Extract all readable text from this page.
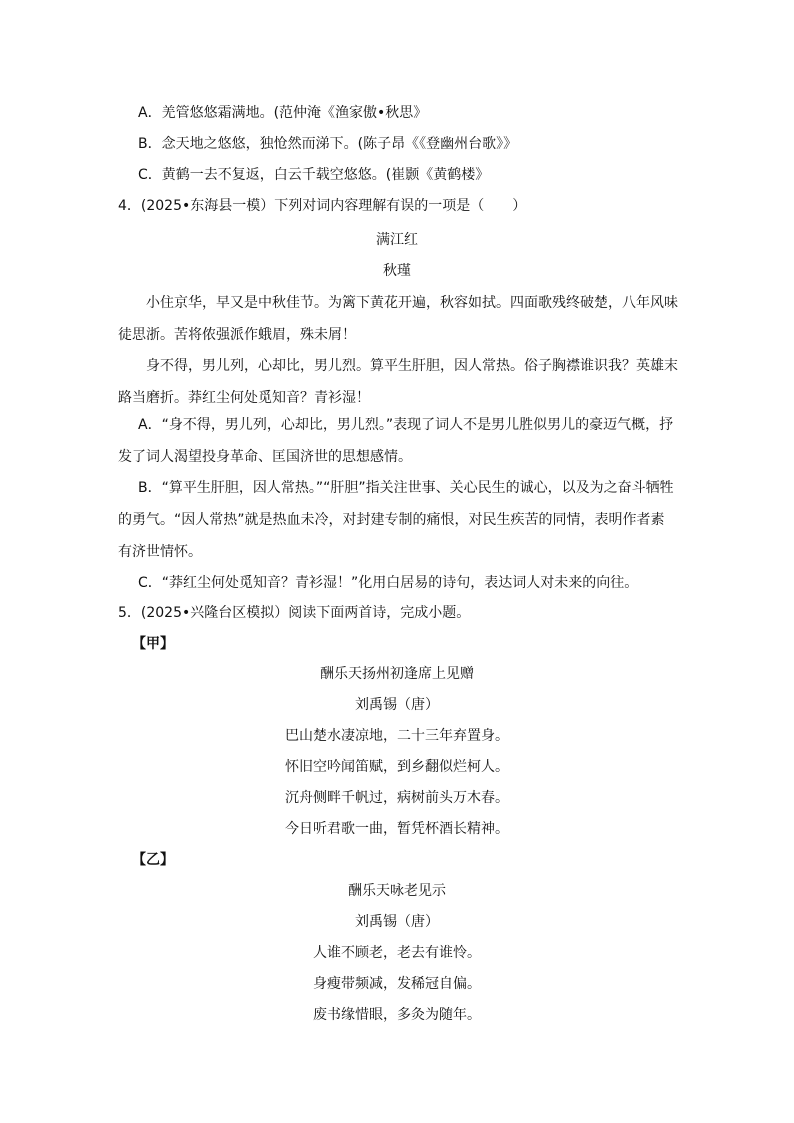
A．羌管悠悠霜满地。(范仲淹《渔家傲•秋思》
B．念天地之悠悠，独怆然而涕下。(陈子昂《《登幽州台歌》》
C．黄鹤一去不复返，白云千载空悠悠。(崔颢《黄鹤楼》
4．(2025•东海县一模）下列对词内容理解有误的一项是（　　）
满江红
秋瑾
小住京华，早又是中秋佳节。为篱下黄花开遍，秋容如拭。四面歌残终破楚，八年风味徒思浙。苦将侬强派作蛾眉，殊未屑！
身不得，男儿列，心却比，男儿烈。算平生肝胆，因人常热。俗子胸襟谁识我？英雄末路当磨折。莽红尘何处觅知音？青衫湿！
A．“身不得，男儿列，心却比，男儿烈。”表现了词人不是男儿胜似男儿的豪迈气概，抒发了词人渴望投身革命、匡国济世的思想感情。
B．“算平生肝胆，因人常热。”“肝胆”指关注世事、关心民生的诚心，以及为之奋斗牺牲的勇气。“因人常热”就是热血未冷，对封建专制的痛恨，对民生疾苦的同情，表明作者素有济世情怀。
C．“莽红尘何处觅知音？青衫湿！”化用白居易的诗句，表达词人对未来的向往。
5．(2025•兴隆台区模拟）阅读下面两首诗，完成小题。
【甲】
酬乐天扬州初逢席上见赠
刘禹锡（唐）
巴山楚水凄凉地，二十三年弃置身。
怀旧空吟闻笛赋，到乡翻似烂柯人。
沉舟侧畔千帆过，病树前头万木春。
今日听君歌一曲，暂凭杯酒长精神。
【乙】
酬乐天咏老见示
刘禹锡（唐）
人谁不顾老，老去有谁怜。
身瘦带频减，发稀冠自偏。
废书缘惜眼，多灸为随年。
